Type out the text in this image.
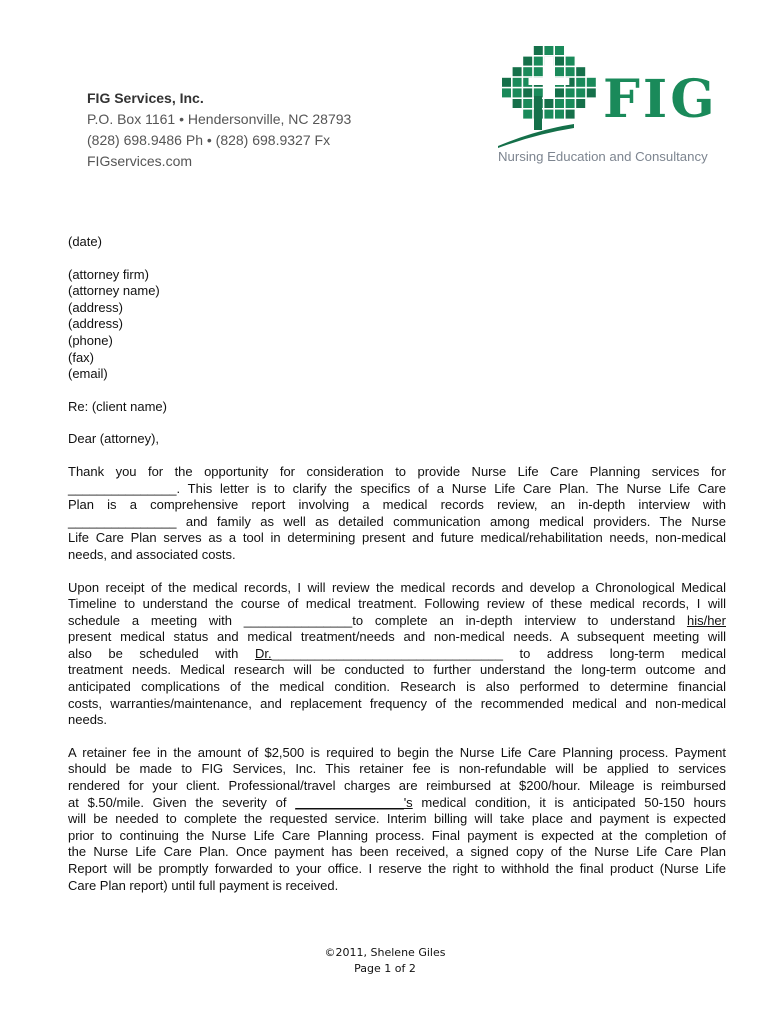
FIG Services, Inc.
P.O. Box 1161 • Hendersonville, NC 28793
(828) 698.9486 Ph • (828) 698.9327 Fx
FIGservices.com
FIG
Nursing Education and Consultancy

(date)

(attorney firm)
(attorney name)
(address)
(address)
(phone)
(fax)
(email)

Re: (client name)

Dear (attorney),

Thank you for the opportunity for consideration to provide Nurse Life Care Planning services for
_______________. This letter is to clarify the specifics of a Nurse Life Care Plan. The Nurse Life Care
Plan is a comprehensive report involving a medical records review, an in-depth interview with
_______________ and family as well as detailed communication among medical providers. The Nurse
Life Care Plan serves as a tool in determining present and future medical/rehabilitation needs, non-medical
needs, and associated costs.

Upon receipt of the medical records, I will review the medical records and develop a Chronological Medical
Timeline to understand the course of medical treatment. Following review of these medical records, I will
schedule a meeting with _______________to complete an in-depth interview to understand his/her
present medical status and medical treatment/needs and non-medical needs. A subsequent meeting will
also be scheduled with Dr.________________________________ to address long-term medical
treatment needs. Medical research will be conducted to further understand the long-term outcome and
anticipated complications of the medical condition. Research is also performed to determine financial
costs, warranties/maintenance, and replacement frequency of the recommended medical and non-medical
needs.

A retainer fee in the amount of $2,500 is required to begin the Nurse Life Care Planning process. Payment
should be made to FIG Services, Inc. This retainer fee is non-refundable will be applied to services
rendered for your client. Professional/travel charges are reimbursed at $200/hour. Mileage is reimbursed
at $.50/mile. Given the severity of _______________'s medical condition, it is anticipated 50-150 hours
will be needed to complete the requested service. Interim billing will take place and payment is expected
prior to continuing the Nurse Life Care Planning process. Final payment is expected at the completion of
the Nurse Life Care Plan. Once payment has been received, a signed copy of the Nurse Life Care Plan
Report will be promptly forwarded to your office. I reserve the right to withhold the final product (Nurse Life
Care Plan report) until full payment is received.

©2011, Shelene Giles
Page 1 of 2
